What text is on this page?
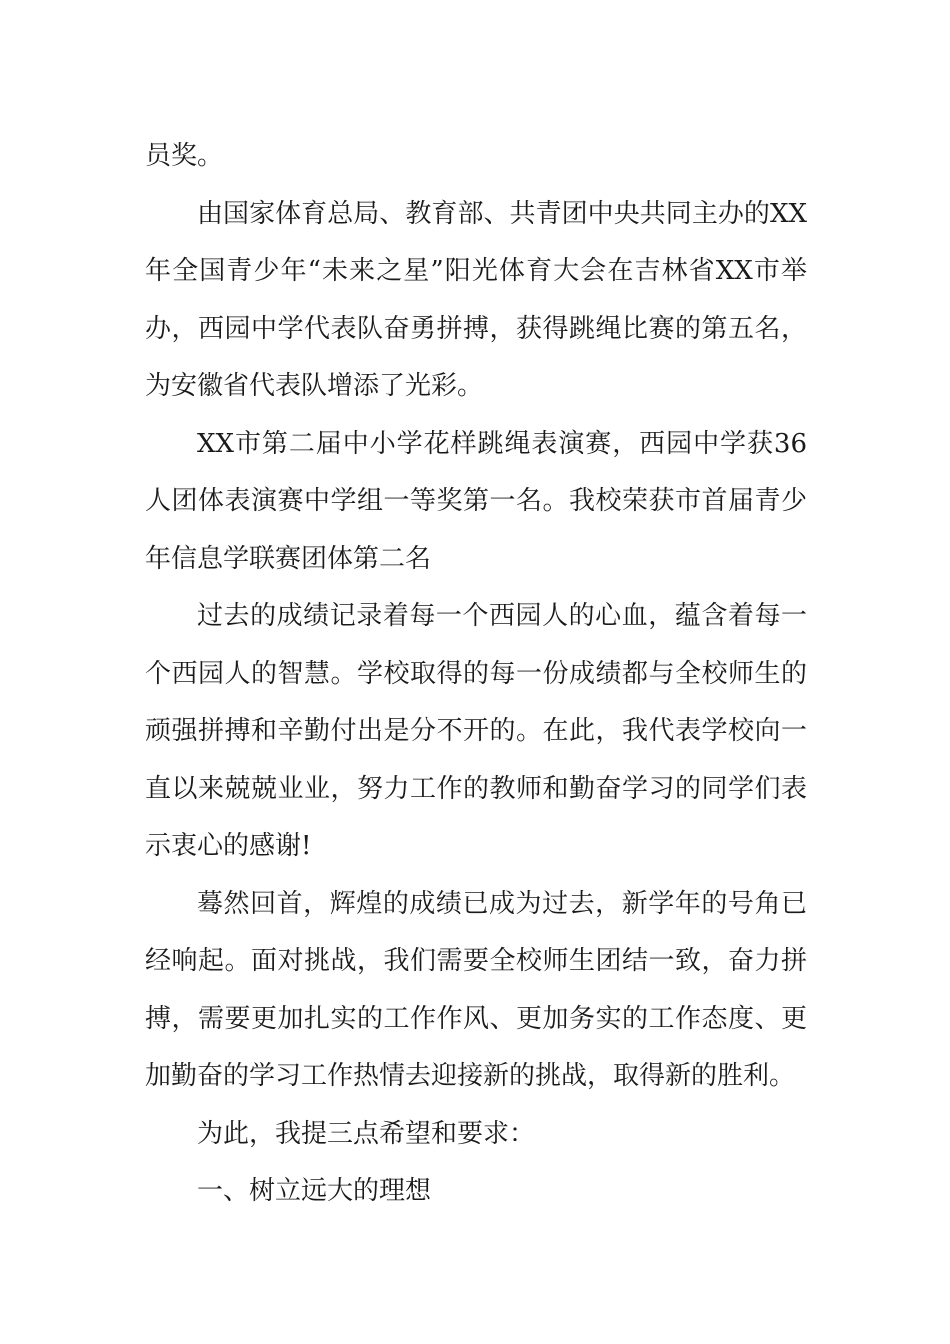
员奖。

由国家体育总局、教育部、共青团中央共同主办的XX年全国青少年“未来之星”阳光体育大会在吉林省XX市举办，西园中学代表队奋勇拼搏，获得跳绳比赛的第五名，为安徽省代表队增添了光彩。

XX市第二届中小学花样跳绳表演赛，西园中学获36人团体表演赛中学组一等奖第一名。我校荣获市首届青少年信息学联赛团体第二名

过去的成绩记录着每一个西园人的心血，蕴含着每一个西园人的智慧。学校取得的每一份成绩都与全校师生的顽强拼搏和辛勤付出是分不开的。在此，我代表学校向一直以来兢兢业业，努力工作的教师和勤奋学习的同学们表示衷心的感谢!

蓦然回首，辉煌的成绩已成为过去，新学年的号角已经响起。面对挑战，我们需要全校师生团结一致，奋力拼搏，需要更加扎实的工作作风、更加务实的工作态度、更加勤奋的学习工作热情去迎接新的挑战，取得新的胜利。

为此，我提三点希望和要求：

一、树立远大的理想
